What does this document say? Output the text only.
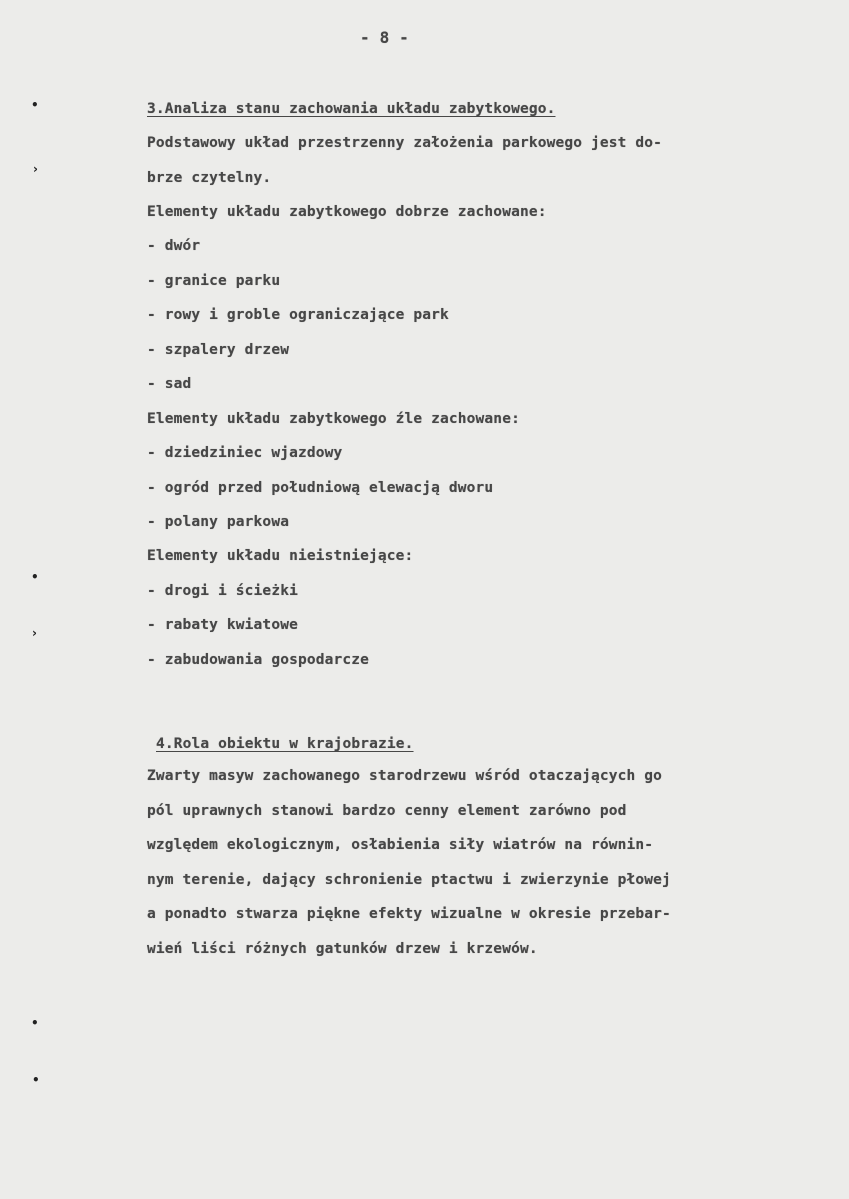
- 8 -
•
›
•
›
•
•
3.Analiza stanu zachowania układu zabytkowego.
Podstawowy układ przestrzenny założenia parkowego jest do-
brze czytelny.
Elementy układu zabytkowego dobrze zachowane:
- dwór
- granice parku
- rowy i groble ograniczające park
- szpalery drzew
- sad
Elementy układu zabytkowego źle zachowane:
- dziedziniec wjazdowy
- ogród przed południową elewacją dworu
- polany parkowa
Elementy układu nieistniejące:
- drogi i ścieżki
- rabaty kwiatowe
- zabudowania gospodarcze
4.Rola obiektu w krajobrazie.
Zwarty masyw zachowanego starodrzewu wśród otaczających go
pól uprawnych stanowi bardzo cenny element zarówno pod
względem ekologicznym, osłabienia siły wiatrów na równin-
nym terenie, dający schronienie ptactwu i zwierzynie płowej
a ponadto stwarza piękne efekty wizualne w okresie przebar-
wień liści różnych gatunków drzew i krzewów.
